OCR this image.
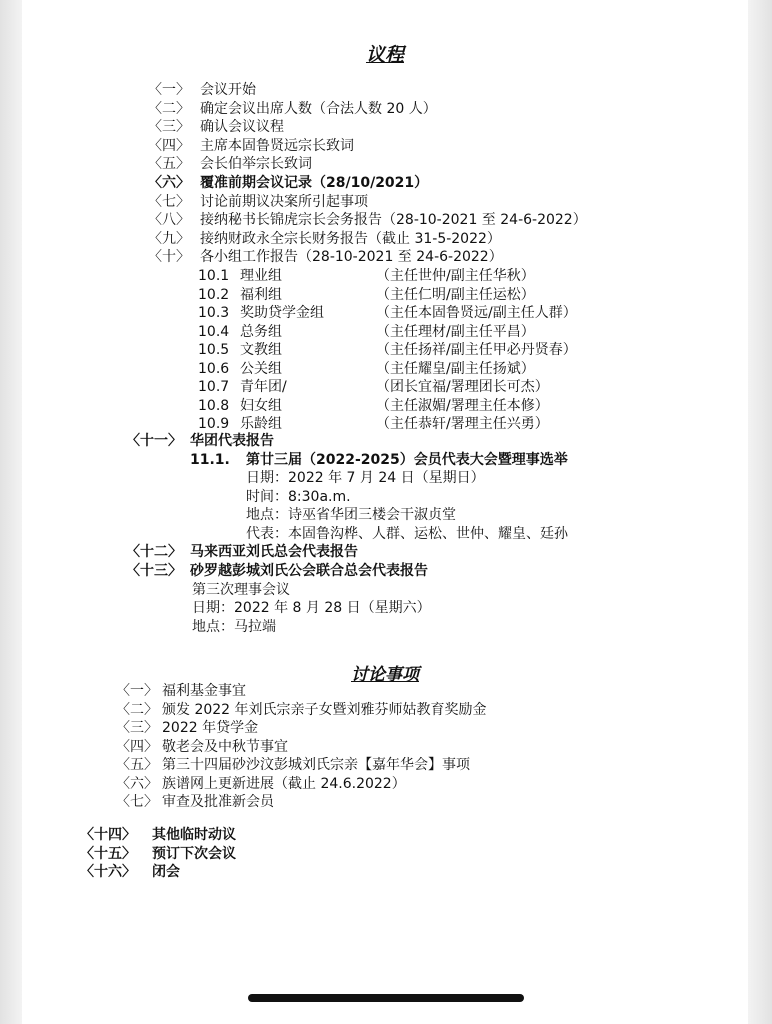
议程
〈一〉 会议开始
〈二〉 确定会议出席人数（合法人数 20 人）
〈三〉 确认会议议程
〈四〉 主席本固鲁贤远宗长致词
〈五〉 会长伯举宗长致词
〈六〉 覆准前期会议记录（28/10/2021）
〈七〉 讨论前期议决案所引起事项
〈八〉 接纳秘书长锦虎宗长会务报告（28-10-2021 至 24-6-2022）
〈九〉 接纳财政永全宗长财务报告（截止 31-5-2022）
〈十〉 各小组工作报告（28-10-2021 至 24-6-2022）
10.1 理业组	（主任世仲/副主任华秋）
10.2 福利组	（主任仁明/副主任运松）
10.3 奖助贷学金组	（主任本固鲁贤远/副主任人群）
10.4 总务组	（主任理材/副主任平昌）
10.5 文教组	（主任扬祥/副主任甲必丹贤春）
10.6 公关组	（主任耀皇/副主任扬斌）
10.7 青年团/	（团长宜福/署理团长可杰）
10.8 妇女组	（主任淑媚/署理主任本修）
10.9 乐龄组	（主任恭轩/署理主任兴勇）
〈十一〉 华团代表报告
11.1. 第廿三届（2022-2025）会员代表大会暨理事选举
日期：2022 年 7 月 24 日（星期日）
时间：8:30a.m.
地点：诗巫省华团三楼会干淑贞堂
代表：本固鲁沟桦、人群、运松、世仲、耀皇、廷孙
〈十二〉 马来西亚刘氏总会代表报告
〈十三〉 砂罗越彭城刘氏公会联合总会代表报告
第三次理事会议
日期：2022 年 8 月 28 日（星期六）
地点：马拉端
讨论事项
〈一〉 福利基金事宜
〈二〉 颁发 2022 年刘氏宗亲子女暨刘雅芬师姑教育奖励金
〈三〉 2022 年贷学金
〈四〉 敬老会及中秋节事宜
〈五〉 第三十四届砂沙汶彭城刘氏宗亲【嘉年华会】事项
〈六〉 族谱网上更新进展（截止 24.6.2022）
〈七〉 审查及批准新会员
〈十四〉 其他临时动议
〈十五〉 预订下次会议
〈十六〉 闭会
